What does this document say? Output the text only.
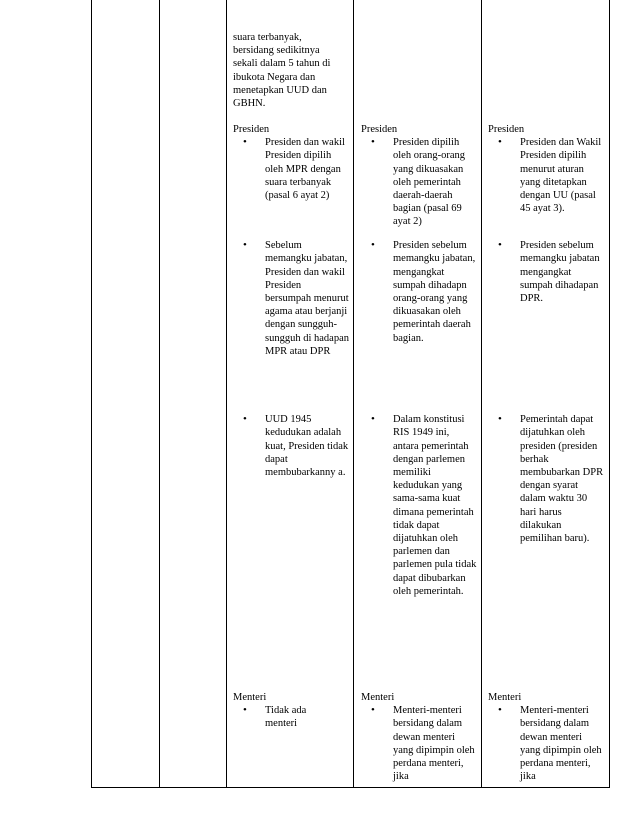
suara terbanyak, bersidang sedikitnya sekali dalam 5 tahun di ibukota Negara dan menetapkan UUD dan GBHN.

Presiden

• Presiden dan wakil Presiden dipilih oleh MPR dengan suara terbanyak (pasal 6 ayat 2)
• Sebelum memangku jabatan, Presiden dan wakil Presiden bersumpah menurut agama atau berjanji dengan sungguh-sungguh di hadapan MPR atau DPR
• UUD 1945 kedudukan adalah kuat, Presiden tidak dapat membubarkanny a.

Menteri

• Tidak ada menteri

Presiden

• Presiden dipilih oleh orang-orang yang dikuasakan oleh pemerintah daerah-daerah bagian (pasal 69 ayat 2)
• Presiden sebelum memangku jabatan, mengangkat sumpah dihadapn orang-orang yang dikuasakan oleh pemerintah daerah bagian.
• Dalam konstitusi RIS 1949 ini, antara pemerintah dengan parlemen memiliki kedudukan yang sama-sama kuat dimana pemerintah tidak dapat dijatuhkan oleh parlemen dan parlemen pula tidak dapat dibubarkan oleh pemerintah.

Menteri

• Menteri-menteri bersidang dalam dewan menteri yang dipimpin oleh perdana menteri, jika

Presiden

• Presiden dan Wakil Presiden dipilih menurut aturan yang ditetapkan dengan UU (pasal 45 ayat 3).
• Presiden sebelum memangku jabatan mengangkat sumpah dihadapan DPR.
• Pemerintah dapat dijatuhkan oleh presiden (presiden berhak membubarkan DPR dengan syarat dalam waktu 30 hari harus dilakukan pemilihan baru).

Menteri

• Menteri-menteri bersidang dalam dewan menteri yang dipimpin oleh perdana menteri, jika
